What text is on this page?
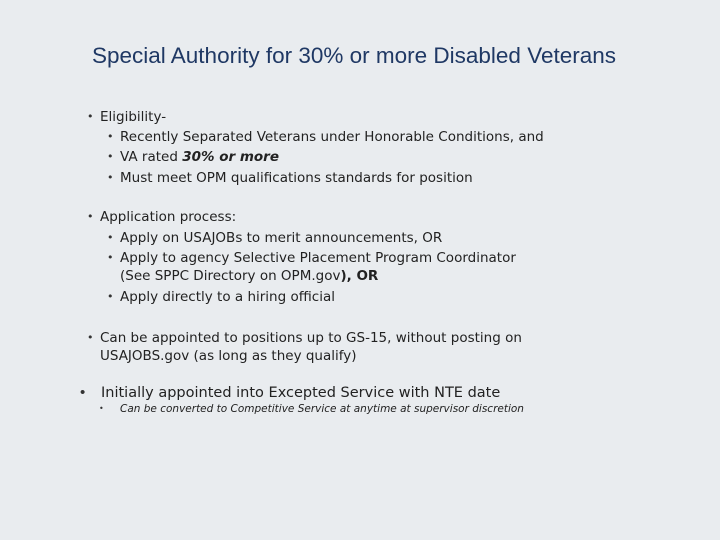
Special Authority for 30% or more Disabled Veterans
• Eligibility-
• Recently Separated Veterans under Honorable Conditions, and
• VA rated 30% or more
• Must meet OPM qualifications standards for position
• Application process:
• Apply on USAJOBs to merit announcements, OR
• Apply to agency Selective Placement Program Coordinator
(See SPPC Directory on OPM.gov), OR
• Apply directly to a hiring official
• Can be appointed to positions up to GS-15, without posting on
USAJOBS.gov (as long as they qualify)
• Initially appointed into Excepted Service with NTE date
• Can be converted to Competitive Service at anytime at supervisor discretion
